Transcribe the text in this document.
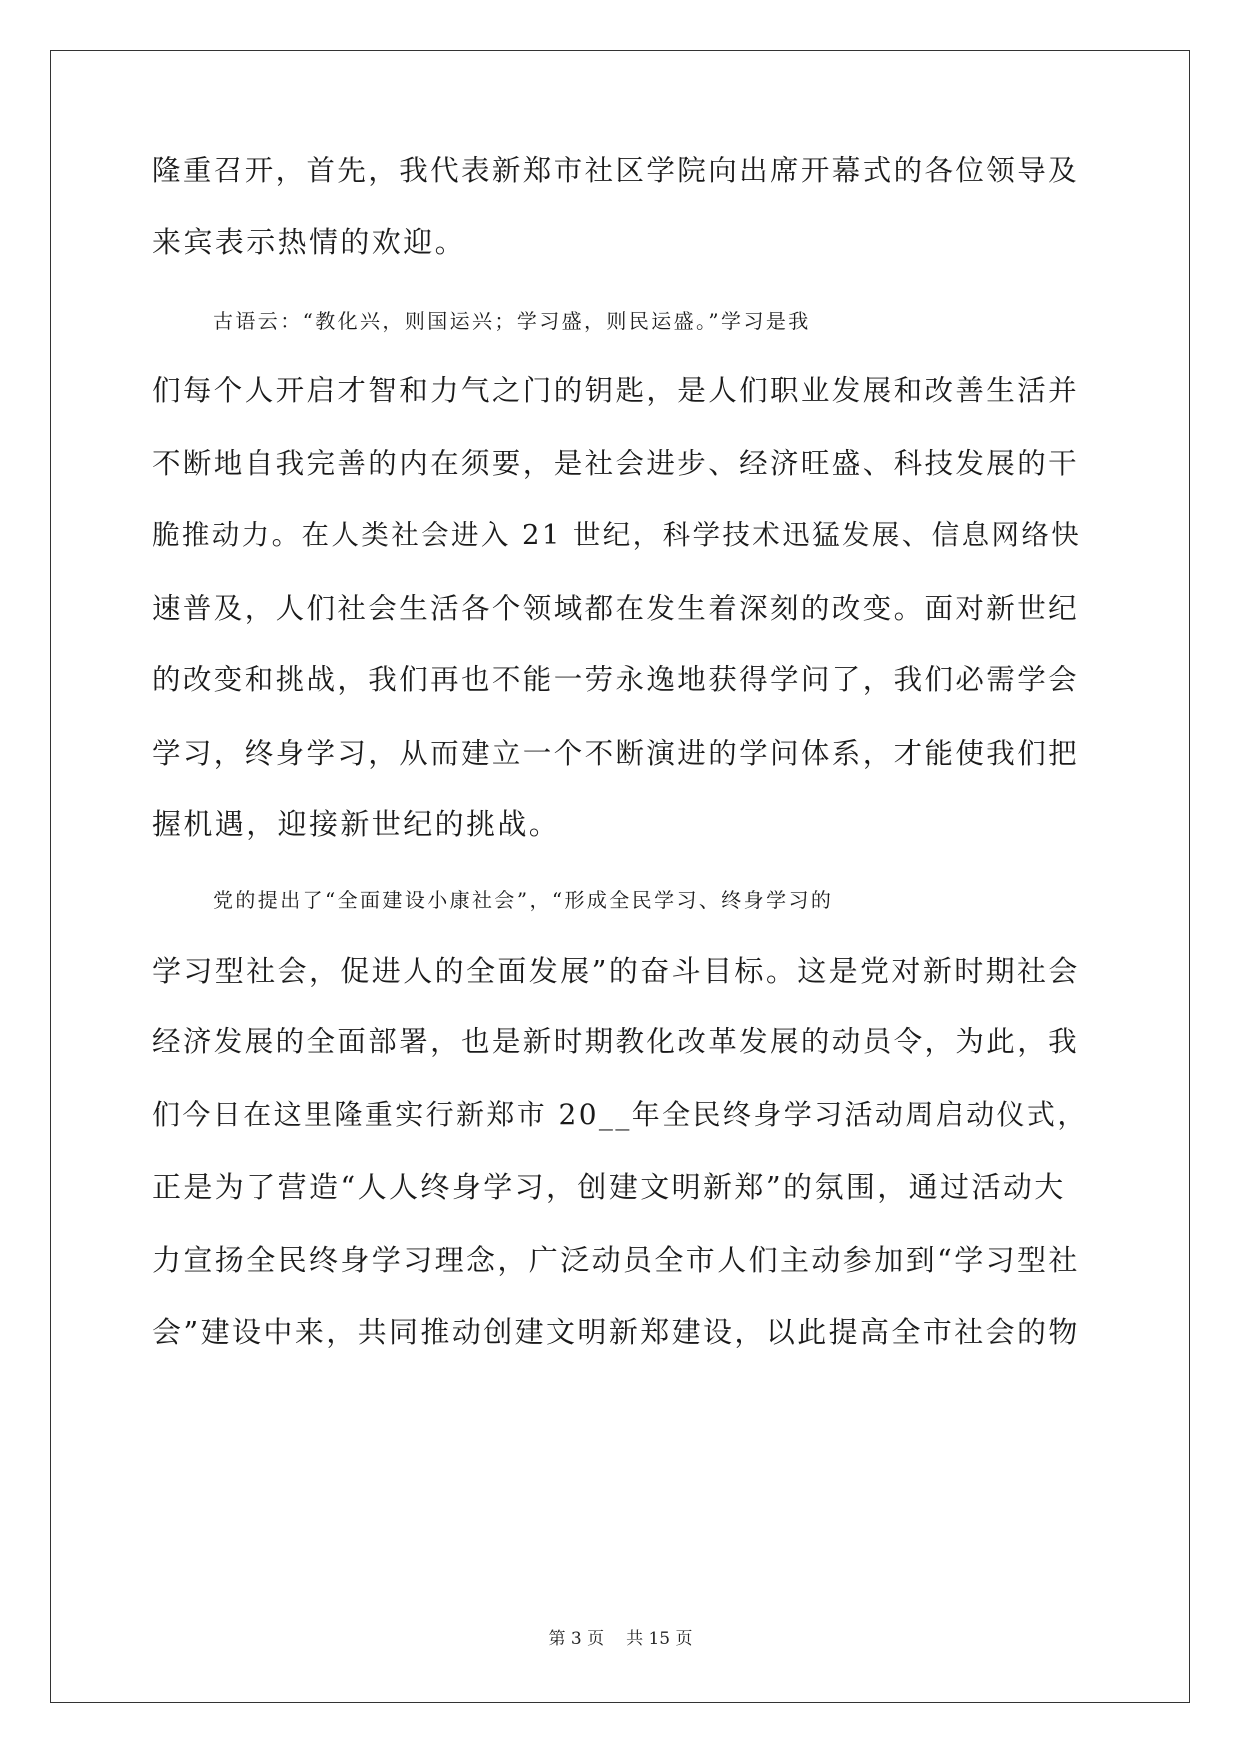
隆重召开，首先，我代表新郑市社区学院向出席开幕式的各位领导及
来宾表示热情的欢迎。
古语云：“教化兴，则国运兴；学习盛，则民运盛。”学习是我
们每个人开启才智和力气之门的钥匙，是人们职业发展和改善生活并
不断地自我完善的内在须要，是社会进步、经济旺盛、科技发展的干
脆推动力。在人类社会进入 21 世纪，科学技术迅猛发展、信息网络快
速普及，人们社会生活各个领域都在发生着深刻的改变。面对新世纪
的改变和挑战，我们再也不能一劳永逸地获得学问了，我们必需学会
学习，终身学习，从而建立一个不断演进的学问体系，才能使我们把
握机遇，迎接新世纪的挑战。
党的提出了“全面建设小康社会”，“形成全民学习、终身学习的
学习型社会，促进人的全面发展”的奋斗目标。这是党对新时期社会
经济发展的全面部署，也是新时期教化改革发展的动员令，为此，我
们今日在这里隆重实行新郑市 20__年全民终身学习活动周启动仪式，
正是为了营造“人人终身学习，创建文明新郑”的氛围，通过活动大
力宣扬全民终身学习理念，广泛动员全市人们主动参加到“学习型社
会”建设中来，共同推动创建文明新郑建设，以此提高全市社会的物
第 3 页 共 15 页
